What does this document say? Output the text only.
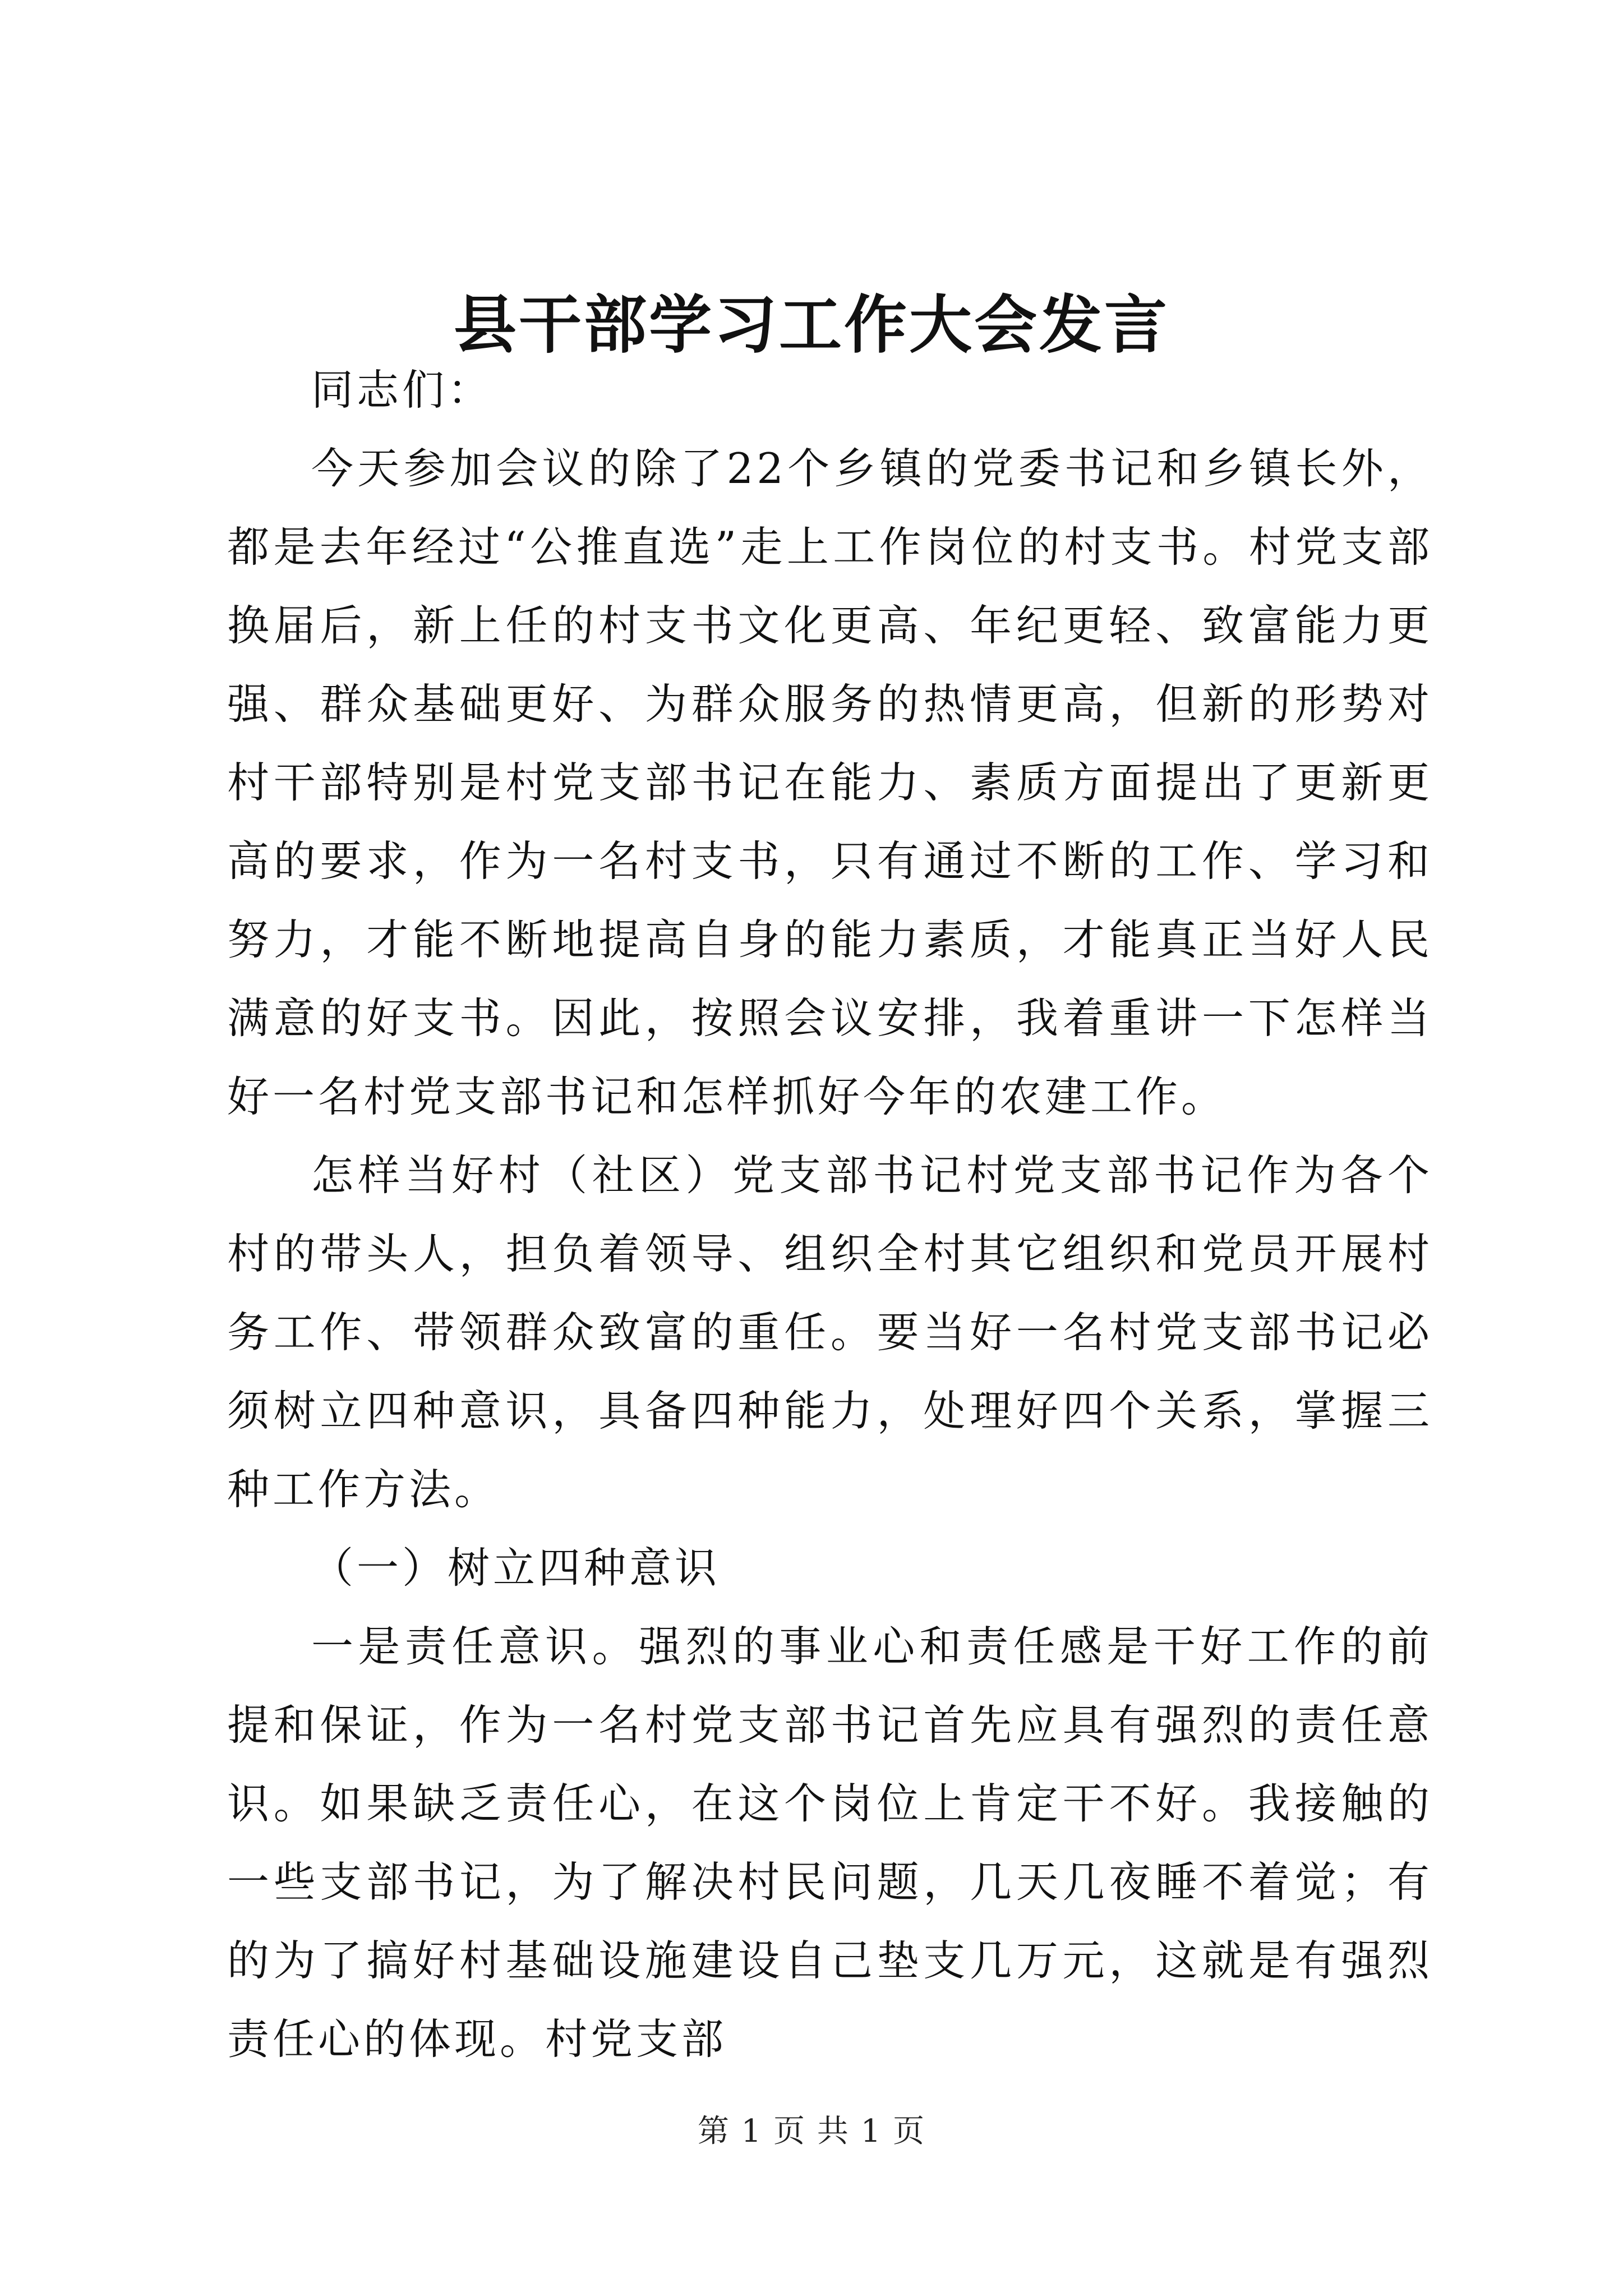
县干部学习工作大会发言

同志们：

今天参加会议的除了22个乡镇的党委书记和乡镇长外，都是去年经过“公推直选”走上工作岗位的村支书。村党支部换届后，新上任的村支书文化更高、年纪更轻、致富能力更强、群众基础更好、为群众服务的热情更高，但新的形势对村干部特别是村党支部书记在能力、素质方面提出了更新更高的要求，作为一名村支书，只有通过不断的工作、学习和努力，才能不断地提高自身的能力素质，才能真正当好人民满意的好支书。因此，按照会议安排，我着重讲一下怎样当好一名村党支部书记和怎样抓好今年的农建工作。

怎样当好村（社区）党支部书记村党支部书记作为各个村的带头人，担负着领导、组织全村其它组织和党员开展村务工作、带领群众致富的重任。要当好一名村党支部书记必须树立四种意识，具备四种能力，处理好四个关系，掌握三种工作方法。

（一）树立四种意识

一是责任意识。强烈的事业心和责任感是干好工作的前提和保证，作为一名村党支部书记首先应具有强烈的责任意识。如果缺乏责任心，在这个岗位上肯定干不好。我接触的一些支部书记，为了解决村民问题，几天几夜睡不着觉；有的为了搞好村基础设施建设自己垫支几万元，这就是有强烈责任心的体现。村党支部

第 1 页 共 1 页
